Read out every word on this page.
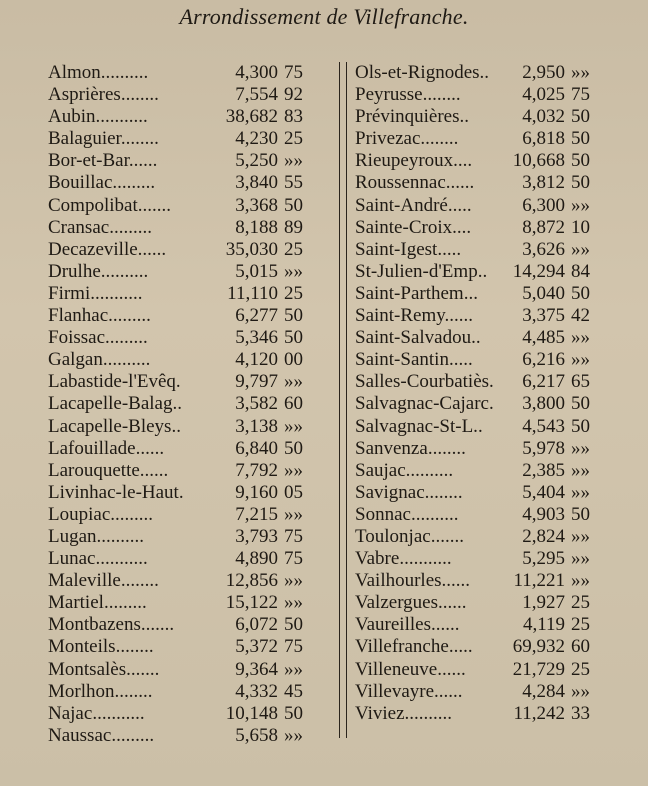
Arrondissement de Villefranche.
Almon..........	4,300 75
Asprières........	7,554 92
Aubin...........	38,682 83
Balaguier........	4,230 25
Bor-et-Bar......	5,250 »»
Bouillac.........	3,840 55
Compolibat.......	3,368 50
Cransac.........	8,188 89
Decazeville......	35,030 25
Drulhe..........	5,015 »»
Firmi...........	11,110 25
Flanhac.........	6,277 50
Foissac.........	5,346 50
Galgan..........	4,120 00
Labastide-l'Evêq.	9,797 »»
Lacapelle-Balag..	3,582 60
Lacapelle-Bleys..	3,138 »»
Lafouillade......	6,840 50
Larouquette......	7,792 »»
Livinhac-le-Haut.	9,160 05
Loupiac.........	7,215 »»
Lugan..........	3,793 75
Lunac...........	4,890 75
Maleville........	12,856 »»
Martiel.........	15,122 »»
Montbazens.......	6,072 50
Monteils........	5,372 75
Montsalès.......	9,364 »»
Morlhon........	4,332 45
Najac...........	10,148 50
Naussac.........	5,658 »»
Ols-et-Rignodes..	2,950 »»
Peyrusse........	4,025 75
Prévinquières..	4,032 50
Privezac........	6,818 50
Rieupeyroux....	10,668 50
Roussennac......	3,812 50
Saint-André.....	6,300 »»
Sainte-Croix....	8,872 10
Saint-Igest.....	3,626 »»
St-Julien-d'Emp..	14,294 84
Saint-Parthem...	5,040 50
Saint-Remy......	3,375 42
Saint-Salvadou..	4,485 »»
Saint-Santin.....	6,216 »»
Salles-Courbatiès.	6,217 65
Salvagnac-Cajarc.	3,800 50
Salvagnac-St-L..	4,543 50
Sanvenza........	5,978 »»
Saujac..........	2,385 »»
Savignac........	5,404 »»
Sonnac..........	4,903 50
Toulonjac.......	2,824 »»
Vabre...........	5,295 »»
Vailhourles......	11,221 »»
Valzergues......	1,927 25
Vaureilles......	4,119 25
Villefranche.....	69,932 60
Villeneuve......	21,729 25
Villevayre......	4,284 »»
Viviez..........	11,242 33
